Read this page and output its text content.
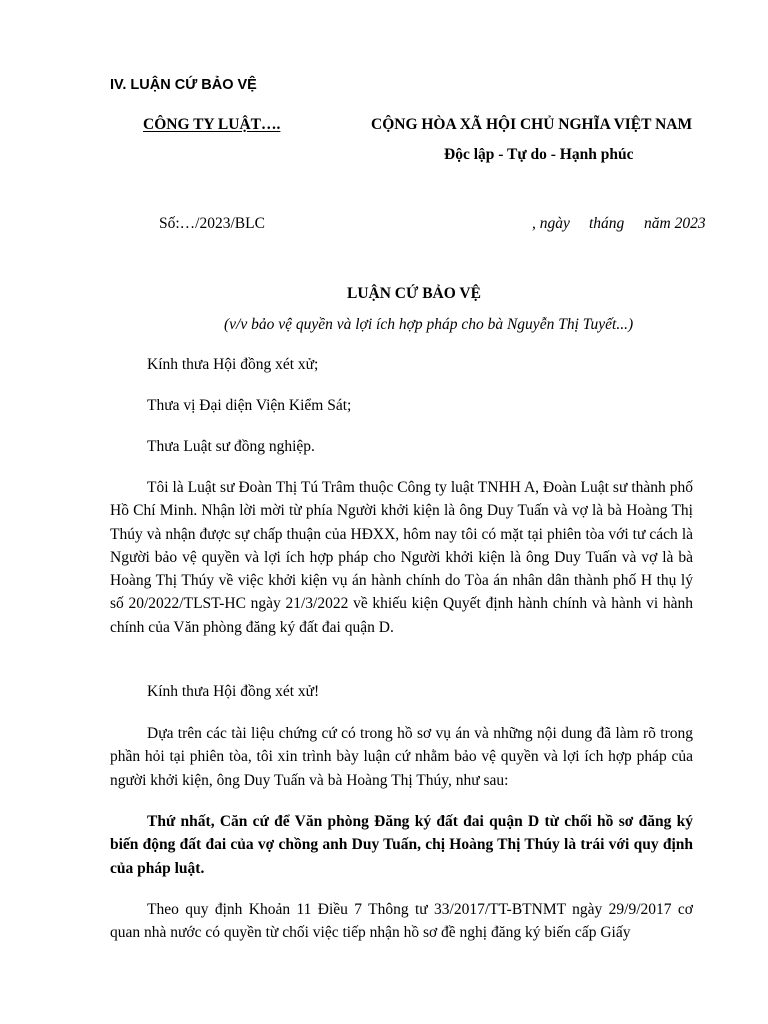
IV. LUẬN CỨ BẢO VỆ
CÔNG TY LUẬT….	CỘNG HÒA XÃ HỘI CHỦ NGHĨA VIỆT NAM
Độc lập - Tự do - Hạnh phúc
Số:…/2023/BLC	, ngày tháng năm 2023
LUẬN CỨ BẢO VỆ
(v/v bảo vệ quyền và lợi ích hợp pháp cho bà Nguyễn Thị Tuyết...)
Kính thưa Hội đồng xét xử;
Thưa vị Đại diện Viện Kiểm Sát;
Thưa Luật sư đồng nghiệp.
Tôi là Luật sư Đoàn Thị Tú Trâm thuộc Công ty luật TNHH A, Đoàn Luật sư thành phố Hồ Chí Minh. Nhận lời mời từ phía Người khởi kiện là ông Duy Tuấn và vợ là bà Hoàng Thị Thúy và nhận được sự chấp thuận của HĐXX, hôm nay tôi có mặt tại phiên tòa với tư cách là Người bảo vệ quyền và lợi ích hợp pháp cho Người khởi kiện là ông Duy Tuấn và vợ là bà Hoàng Thị Thúy về việc khởi kiện vụ án hành chính do Tòa án nhân dân thành phố H thụ lý số 20/2022/TLST-HC ngày 21/3/2022 về khiếu kiện Quyết định hành chính và hành vi hành chính của Văn phòng đăng ký đất đai quận D.
Kính thưa Hội đồng xét xử!
Dựa trên các tài liệu chứng cứ có trong hồ sơ vụ án và những nội dung đã làm rõ trong phần hỏi tại phiên tòa, tôi xin trình bày luận cứ nhằm bảo vệ quyền và lợi ích hợp pháp của người khởi kiện, ông Duy Tuấn và bà Hoàng Thị Thúy, như sau:
Thứ nhất, Căn cứ để Văn phòng Đăng ký đất đai quận D từ chối hồ sơ đăng ký biến động đất đai của vợ chồng anh Duy Tuấn, chị Hoàng Thị Thúy là trái với quy định của pháp luật.
Theo quy định Khoản 11 Điều 7 Thông tư 33/2017/TT-BTNMT ngày 29/9/2017 cơ quan nhà nước có quyền từ chối việc tiếp nhận hồ sơ đề nghị đăng ký biến cấp Giấy
